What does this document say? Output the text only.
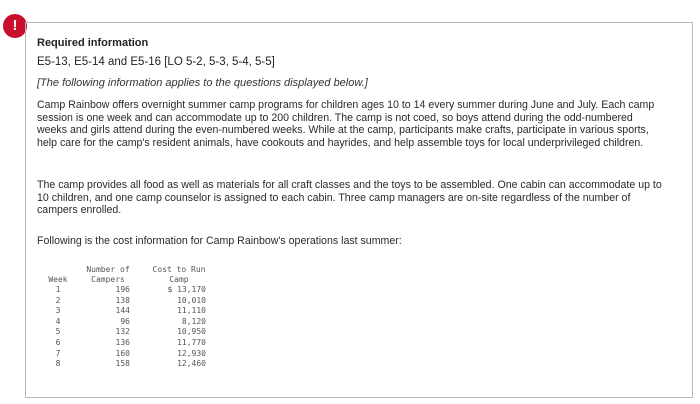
!
Required information
E5-13, E5-14 and E5-16 [LO 5-2, 5-3, 5-4, 5-5]
[The following information applies to the questions displayed below.]

Camp Rainbow offers overnight summer camp programs for children ages 10 to 14 every summer during June and July. Each camp session is one week and can accommodate up to 200 children. The camp is not coed, so boys attend during the odd-numbered weeks and girls attend during the even-numbered weeks. While at the camp, participants make crafts, participate in various sports, help care for the camp's resident animals, have cookouts and hayrides, and help assemble toys for local underprivileged children.

The camp provides all food as well as materials for all craft classes and the toys to be assembled. One cabin can accommodate up to 10 children, and one camp counselor is assigned to each cabin. Three camp managers are on-site regardless of the number of campers enrolled.

Following is the cost information for Camp Rainbow's operations last summer:

	Number of	Cost to Run
Week	Campers	Camp
1	196	$ 13,170
2	138	10,010
3	144	11,110
4	96	8,120
5	132	10,950
6	136	11,770
7	160	12,930
8	158	12,460
